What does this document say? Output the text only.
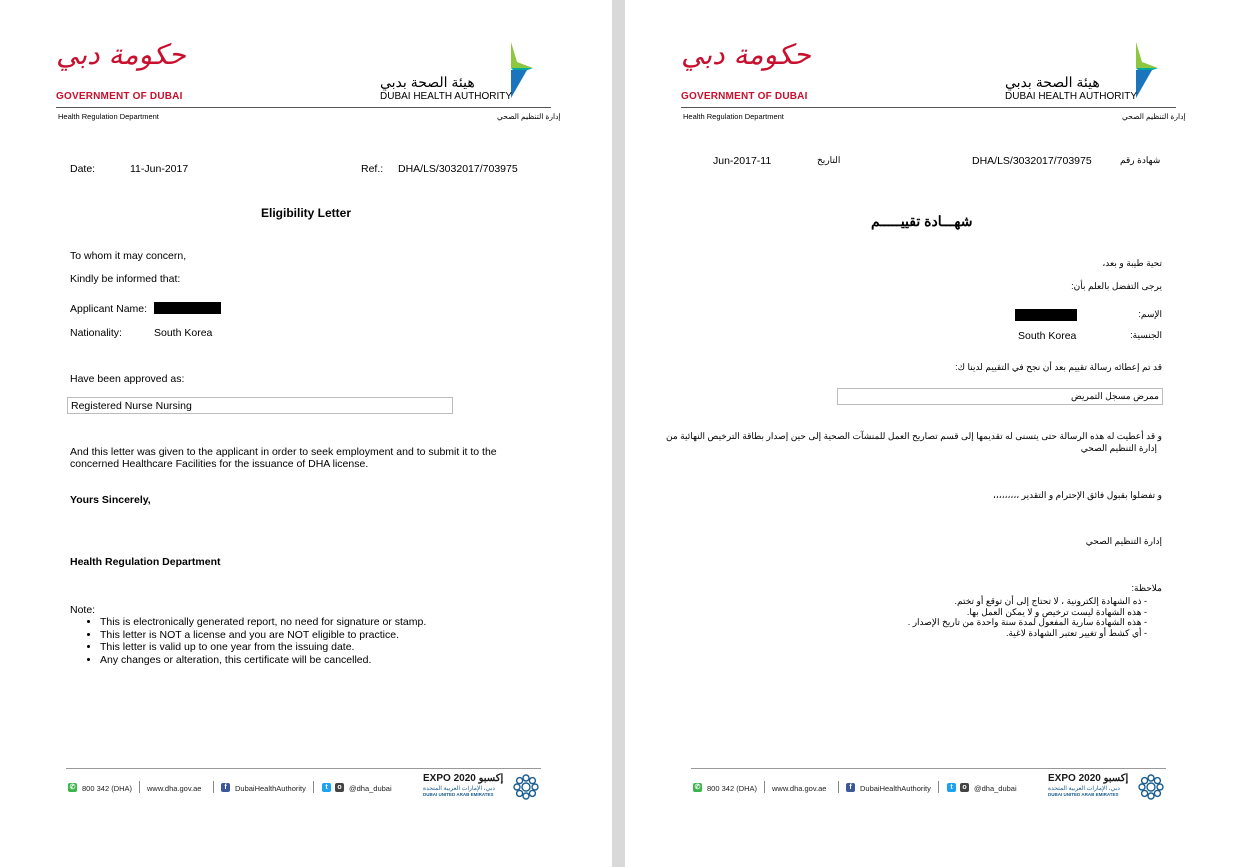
حكومة دبي
GOVERNMENT OF DUBAI
هيئة الصحة بدبي
DUBAI HEALTH AUTHORITY
Health Regulation Department	إدارة التنظيم الصحي
Date:	11-Jun-2017	Ref.: DHA/LS/3032017/703975
Eligibility Letter
To whom it may concern,
Kindly be informed that:
Applicant Name:
Nationality:	South Korea
Have been approved as:
Registered Nurse Nursing
And this letter was given to the applicant in order to seek employment and to submit it to the
concerned Healthcare Facilities for the issuance of DHA license.
Yours Sincerely,
Health Regulation Department
Note:
• This is electronically generated report, no need for signature or stamp.
• This letter is NOT a license and you are NOT eligible to practice.
• This letter is valid up to one year from the issuing date.
• Any changes or alteration, this certificate will be cancelled.
✆ 800 342 (DHA) www.dha.gov.ae	f	DubaiHealthAuthority	t	o @dha_dubai
EXPO 2020 إكسبو
دبي، الإمارات العربية المتحدة
DUBAI UNITED ARAB EMIRATES
حكومة دبي
GOVERNMENT OF DUBAI
هيئة الصحة بدبي
DUBAI HEALTH AUTHORITY
Health Regulation Department	إدارة التنظيم الصحي
Jun-2017-11	التاريخ	DHA/LS/3032017/703975	شهادة رقم
شهـــادة تقييـــــم
تحية طيبة و بعد،
يرجى التفضل بالعلم بأن:
الإسم:
South Korea	الجنسية:
قد تم إعطائه رسالة تقييم بعد أن نجح في التقييم لدينا ك:
ممرض مسجل التمريض
و قد أعطيت له هذه الرسالة حتى يتسنى له تقديمها إلى قسم تصاريح العمل للمنشآت الصحية إلى حين إصدار بطاقة الترخيص النهائية من
إدارة التنظيم الصحي
و تفضلوا بقبول فائق الإحترام و التقدير ،،،،،،،،،
إدارة التنظيم الصحي
ملاحظة:
- ذه الشهادة إلكترونية ، لا تحتاج إلى أن توقع أو تختم.
- هذه الشهادة ليست ترخيص و لا يمكن العمل بها.
- هذه الشهادة سارية المفعول لمدة سنة واحدة من تاريخ الإصدار .
- أي كشط أو تغيير تعتبر الشهادة لاغية.
✆ 800 342 (DHA) www.dha.gov.ae	f	DubaiHealthAuthority	t	o @dha_dubai
EXPO 2020 إكسبو
دبي، الإمارات العربية المتحدة
DUBAI UNITED ARAB EMIRATES
